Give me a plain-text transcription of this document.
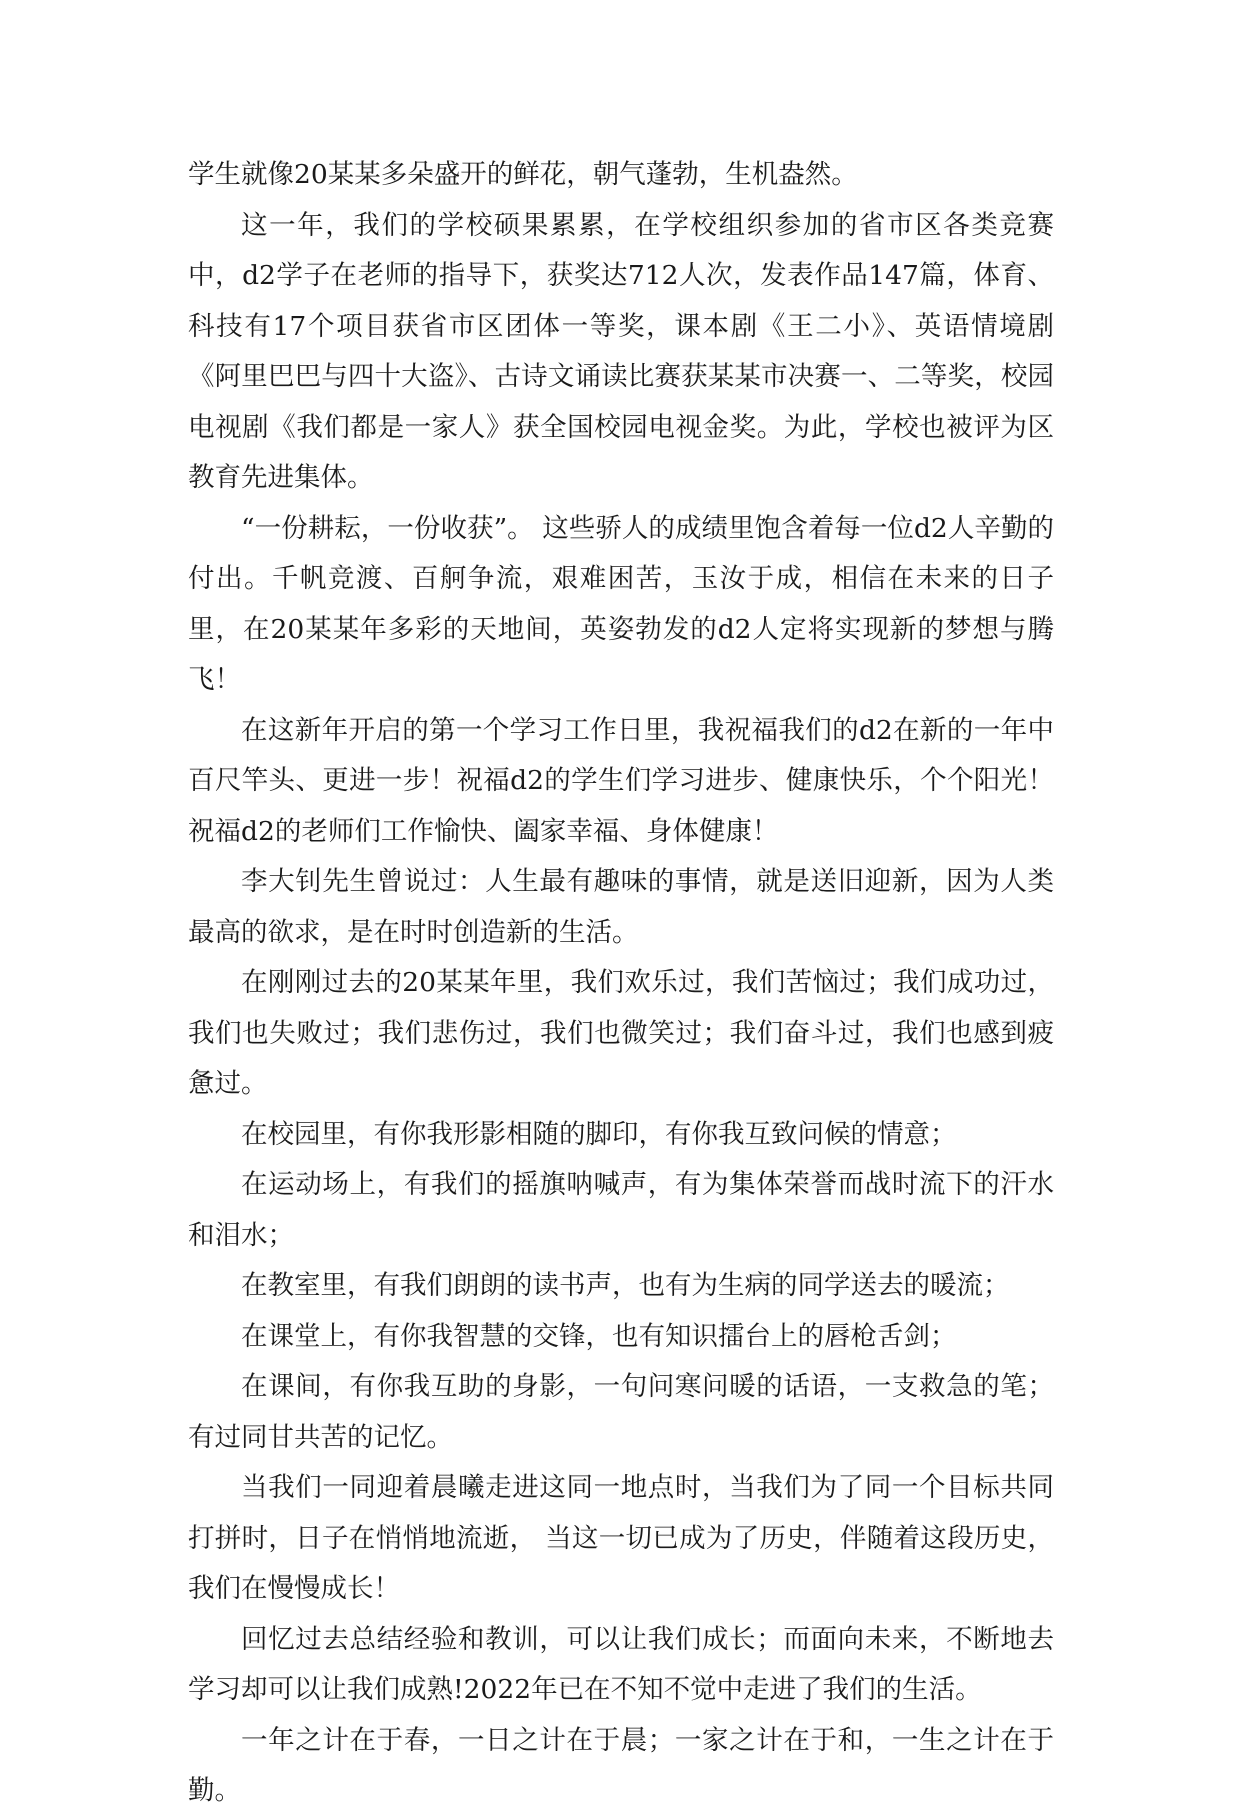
学生就像20某某多朵盛开的鲜花，朝气蓬勃，生机盎然。

这一年，我们的学校硕果累累，在学校组织参加的省市区各类竞赛中，d2学子在老师的指导下，获奖达712人次，发表作品147篇，体育、科技有17个项目获省市区团体一等奖，课本剧《王二小》、英语情境剧《阿里巴巴与四十大盗》、古诗文诵读比赛获某某市决赛一、二等奖，校园电视剧《我们都是一家人》获全国校园电视金奖。为此，学校也被评为区教育先进集体。

“一份耕耘，一份收获”。 这些骄人的成绩里饱含着每一位d2人辛勤的付出。千帆竞渡、百舸争流，艰难困苦，玉汝于成，相信在未来的日子里，在20某某年多彩的天地间，英姿勃发的d2人定将实现新的梦想与腾飞！

在这新年开启的第一个学习工作日里，我祝福我们的d2在新的一年中百尺竿头、更进一步！祝福d2的学生们学习进步、健康快乐，个个阳光！祝福d2的老师们工作愉快、阖家幸福、身体健康！

李大钊先生曾说过：人生最有趣味的事情，就是送旧迎新，因为人类最高的欲求，是在时时创造新的生活。

在刚刚过去的20某某年里，我们欢乐过，我们苦恼过；我们成功过，我们也失败过；我们悲伤过，我们也微笑过；我们奋斗过，我们也感到疲惫过。

在校园里，有你我形影相随的脚印，有你我互致问候的情意；

在运动场上，有我们的摇旗呐喊声，有为集体荣誉而战时流下的汗水和泪水；

在教室里，有我们朗朗的读书声，也有为生病的同学送去的暖流；

在课堂上，有你我智慧的交锋，也有知识擂台上的唇枪舌剑；

在课间，有你我互助的身影，一句问寒问暖的话语，一支救急的笔；有过同甘共苦的记忆。

当我们一同迎着晨曦走进这同一地点时，当我们为了同一个目标共同打拼时，日子在悄悄地流逝， 当这一切已成为了历史，伴随着这段历史，我们在慢慢成长！

回忆过去总结经验和教训，可以让我们成长；而面向未来，不断地去学习却可以让我们成熟!2022年已在不知不觉中走进了我们的生活。

一年之计在于春，一日之计在于晨；一家之计在于和，一生之计在于勤。
